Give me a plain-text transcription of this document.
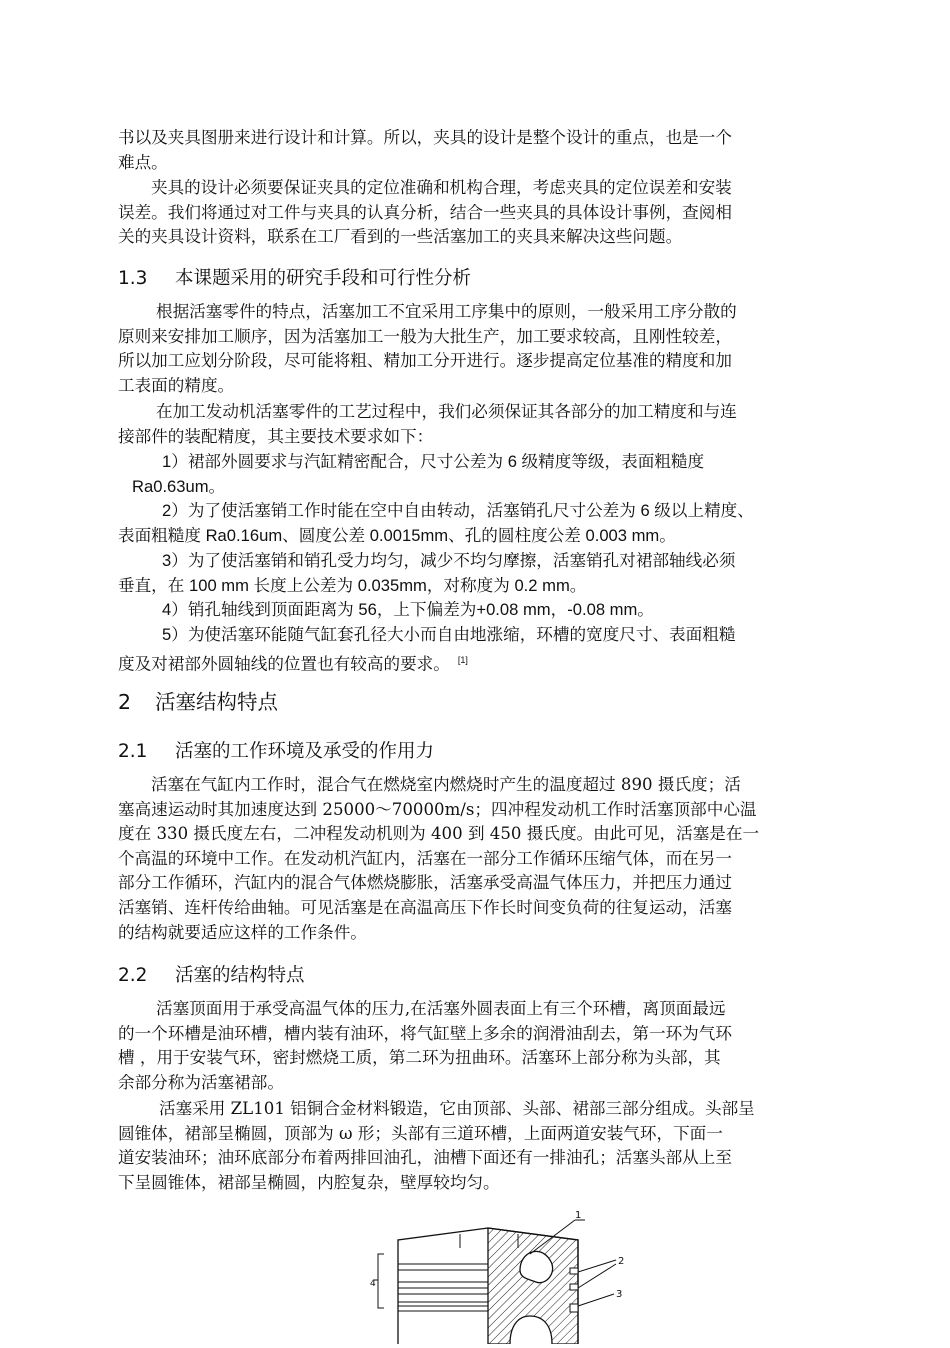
书以及夹具图册来进行设计和计算。所以，夹具的设计是整个设计的重点，也是一个
难点。

夹具的设计必须要保证夹具的定位准确和机构合理，考虑夹具的定位误差和安装
误差。我们将通过对工件与夹具的认真分析，结合一些夹具的具体设计事例，查阅相
关的夹具设计资料，联系在工厂看到的一些活塞加工的夹具来解决这些问题。

1.3 本课题采用的研究手段和可行性分析

根据活塞零件的特点，活塞加工不宜采用工序集中的原则，一般采用工序分散的
原则来安排加工顺序，因为活塞加工一般为大批生产，加工要求较高，且刚性较差，
所以加工应划分阶段，尽可能将粗、精加工分开进行。逐步提高定位基准的精度和加
工表面的精度。

在加工发动机活塞零件的工艺过程中，我们必须保证其各部分的加工精度和与连
接部件的装配精度，其主要技术要求如下：

1）裙部外圆要求与汽缸精密配合，尺寸公差为 6 级精度等级，表面粗糙度
Ra0.63um。

2）为了使活塞销工作时能在空中自由转动，活塞销孔尺寸公差为 6 级以上精度、
表面粗糙度 Ra0.16um、圆度公差 0.0015mm、孔的圆柱度公差 0.003 mm。

3）为了使活塞销和销孔受力均匀，减少不均匀摩擦，活塞销孔对裙部轴线必须
垂直，在 100 mm 长度上公差为 0.035mm，对称度为 0.2 mm。

4）销孔轴线到顶面距离为 56，上下偏差为+0.08 mm，-0.08 mm。

5）为使活塞环能随气缸套孔径大小而自由地涨缩，环槽的宽度尺寸、表面粗糙
度及对裙部外圆轴线的位置也有较高的要求。 [1]

2 活塞结构特点
2.1 活塞的工作环境及承受的作用力

活塞在气缸内工作时，混合气在燃烧室内燃烧时产生的温度超过 890 摄氏度；活
塞高速运动时其加速度达到 25000～70000m/s；四冲程发动机工作时活塞顶部中心温
度在 330 摄氏度左右，二冲程发动机则为 400 到 450 摄氏度。由此可见，活塞是在一
个高温的环境中工作。在发动机汽缸内，活塞在一部分工作循环压缩气体，而在另一
部分工作循环，汽缸内的混合气体燃烧膨胀，活塞承受高温气体压力，并把压力通过
活塞销、连杆传给曲轴。可见活塞是在高温高压下作长时间变负荷的往复运动，活塞
的结构就要适应这样的工作条件。

2.2 活塞的结构特点

活塞顶面用于承受高温气体的压力,在活塞外圆表面上有三个环槽，离顶面最远
的一个环槽是油环槽，槽内装有油环，将气缸壁上多余的润滑油刮去，第一环为气环
槽 ，用于安装气环，密封燃烧工质，第二环为扭曲环。活塞环上部分称为头部，其
余部分称为活塞裙部。

活塞采用 ZL101 铝铜合金材料锻造，它由顶部、头部、裙部三部分组成。头部呈
圆锥体，裙部呈椭圆，顶部为 ω 形；头部有三道环槽，上面两道安装气环，下面一
道安装油环；油环底部分布着两排回油孔，油槽下面还有一排油孔；活塞头部从上至
下呈圆锥体，裙部呈椭圆，内腔复杂，壁厚较均匀。

4
1
2
3
